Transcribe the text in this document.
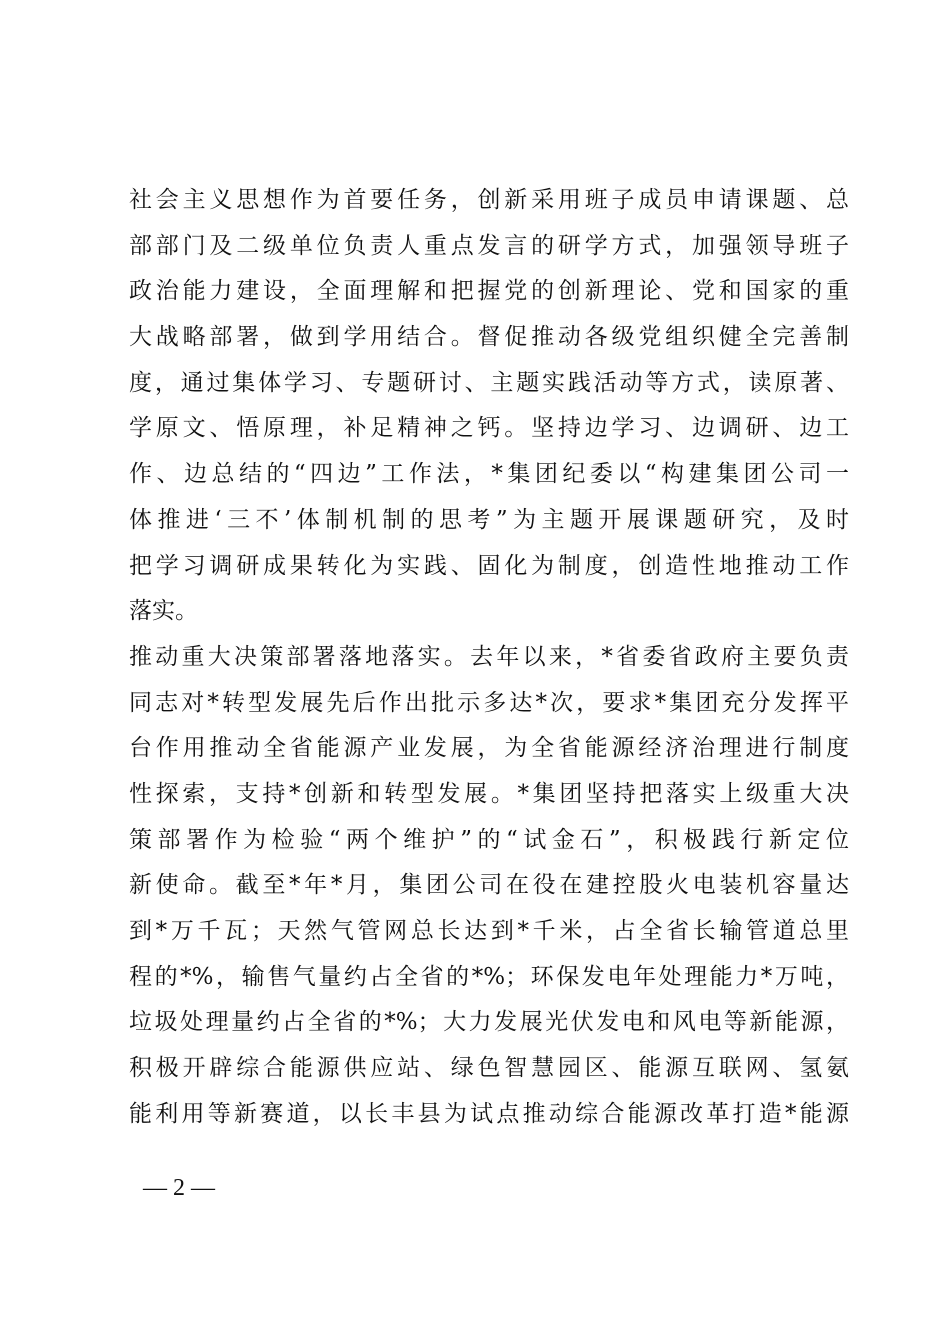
社会主义思想作为首要任务，创新采用班子成员申请课题、总
部部门及二级单位负责人重点发言的研学方式，加强领导班子
政治能力建设，全面理解和把握党的创新理论、党和国家的重
大战略部署，做到学用结合。督促推动各级党组织健全完善制
度，通过集体学习、专题研讨、主题实践活动等方式，读原著、
学原文、悟原理，补足精神之钙。坚持边学习、边调研、边工
作、边总结的“四边”工作法，*集团纪委以“构建集团公司一
体推进‘三不’体制机制的思考”为主题开展课题研究，及时
把学习调研成果转化为实践、固化为制度，创造性地推动工作
落实。
推动重大决策部署落地落实。去年以来，*省委省政府主要负责
同志对*转型发展先后作出批示多达*次，要求*集团充分发挥平
台作用推动全省能源产业发展，为全省能源经济治理进行制度
性探索，支持*创新和转型发展。*集团坚持把落实上级重大决
策部署作为检验“两个维护”的“试金石”，积极践行新定位
新使命。截至*年*月，集团公司在役在建控股火电装机容量达
到*万千瓦；天然气管网总长达到*千米，占全省长输管道总里
程的*%，输售气量约占全省的*%；环保发电年处理能力*万吨，
垃圾处理量约占全省的*%；大力发展光伏发电和风电等新能源，
积极开辟综合能源供应站、绿色智慧园区、能源互联网、氢氨
能利用等新赛道，以长丰县为试点推动综合能源改革打造*能源
— 2 —
